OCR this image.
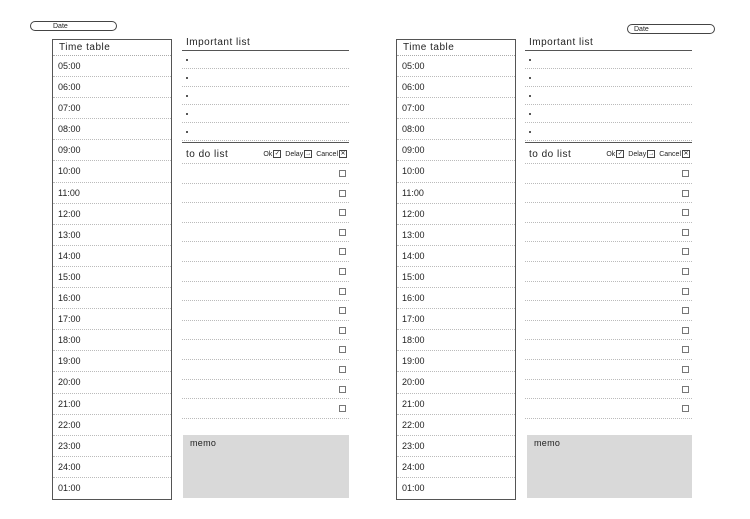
Date
Time table
05:00
06:00
07:00
08:00
09:00
10:00
11:00
12:00
13:00
14:00
15:00
16:00
17:00
18:00
19:00
20:00
21:00
22:00
23:00
24:00
01:00
Important list
to do list	Ok ✓ Delay → Cancel ✕
memo
Date
Time table
05:00
06:00
07:00
08:00
09:00
10:00
11:00
12:00
13:00
14:00
15:00
16:00
17:00
18:00
19:00
20:00
21:00
22:00
23:00
24:00
01:00
Important list
to do list	Ok ✓ Delay → Cancel ✕
memo
